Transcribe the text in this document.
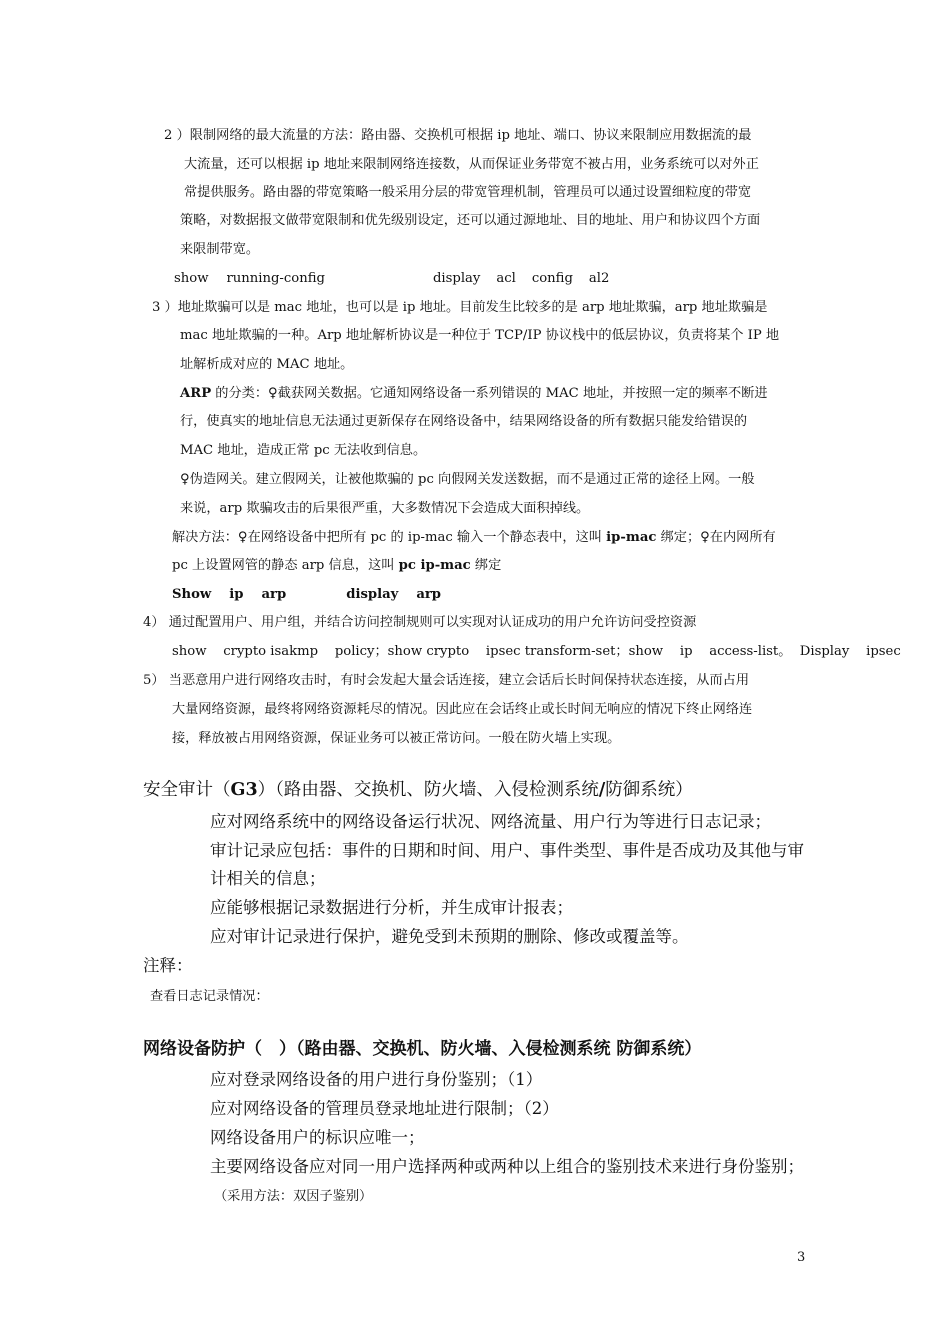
2 ）限制网络的最大流量的方法：路由器、交换机可根据 ip 地址、端口、协议来限制应用数据流的最
大流量，还可以根据 ip 地址来限制网络连接数，从而保证业务带宽不被占用，业务系统可以对外正
常提供服务。路由器的带宽策略一般采用分层的带宽管理机制，管理员可以通过设置细粒度的带宽
策略，对数据报文做带宽限制和优先级别设定，还可以通过源地址、目的地址、用户和协议四个方面
来限制带宽。
show running-config	display acl config al2
3 ）地址欺骗可以是 mac 地址，也可以是 ip 地址。目前发生比较多的是 arp 地址欺骗，arp 地址欺骗是
mac 地址欺骗的一种。Arp 地址解析协议是一种位于 TCP/IP 协议栈中的低层协议，负责将某个 IP 地
址解析成对应的 MAC 地址。
ARP 的分类：♀截获网关数据。它通知网络设备一系列错误的 MAC 地址，并按照一定的频率不断进
行，使真实的地址信息无法通过更新保存在网络设备中，结果网络设备的所有数据只能发给错误的
MAC 地址，造成正常 pc 无法收到信息。
♀伪造网关。建立假网关，让被他欺骗的 pc 向假网关发送数据，而不是通过正常的途径上网。一般
来说，arp 欺骗攻击的后果很严重，大多数情况下会造成大面积掉线。
解决方法：♀在网络设备中把所有 pc 的 ip-mac 输入一个静态表中，这叫 ip-mac 绑定；♀在内网所有
pc 上设置网管的静态 arp 信息，这叫 pc ip-mac 绑定
Show ip arp	display arp
4） 通过配置用户、用户组，并结合访问控制规则可以实现对认证成功的用户允许访问受控资源
show    crypto isakmp    policy；show crypto    ipsec transform-set；show    ip    access-list。  Display    ipsec
5） 当恶意用户进行网络攻击时，有时会发起大量会话连接，建立会话后长时间保持状态连接，从而占用
大量网络资源，最终将网络资源耗尽的情况。因此应在会话终止或长时间无响应的情况下终止网络连
接，释放被占用网络资源，保证业务可以被正常访问。一般在防火墙上实现。
安全审计（G3）（路由器、交换机、防火墙、入侵检测系统/防御系统）
应对网络系统中的网络设备运行状况、网络流量、用户行为等进行日志记录；
审计记录应包括：事件的日期和时间、用户、事件类型、事件是否成功及其他与审
计相关的信息；
应能够根据记录数据进行分析，并生成审计报表；
应对审计记录进行保护，避免受到未预期的删除、修改或覆盖等。
注释：
查看日志记录情况：
网络设备防护（　）（路由器、交换机、防火墙、入侵检测系统 防御系统）
应对登录网络设备的用户进行身份鉴别；（1）
应对网络设备的管理员登录地址进行限制；（2）
网络设备用户的标识应唯一；
主要网络设备应对同一用户选择两种或两种以上组合的鉴别技术来进行身份鉴别；
（采用方法：双因子鉴别）
3
